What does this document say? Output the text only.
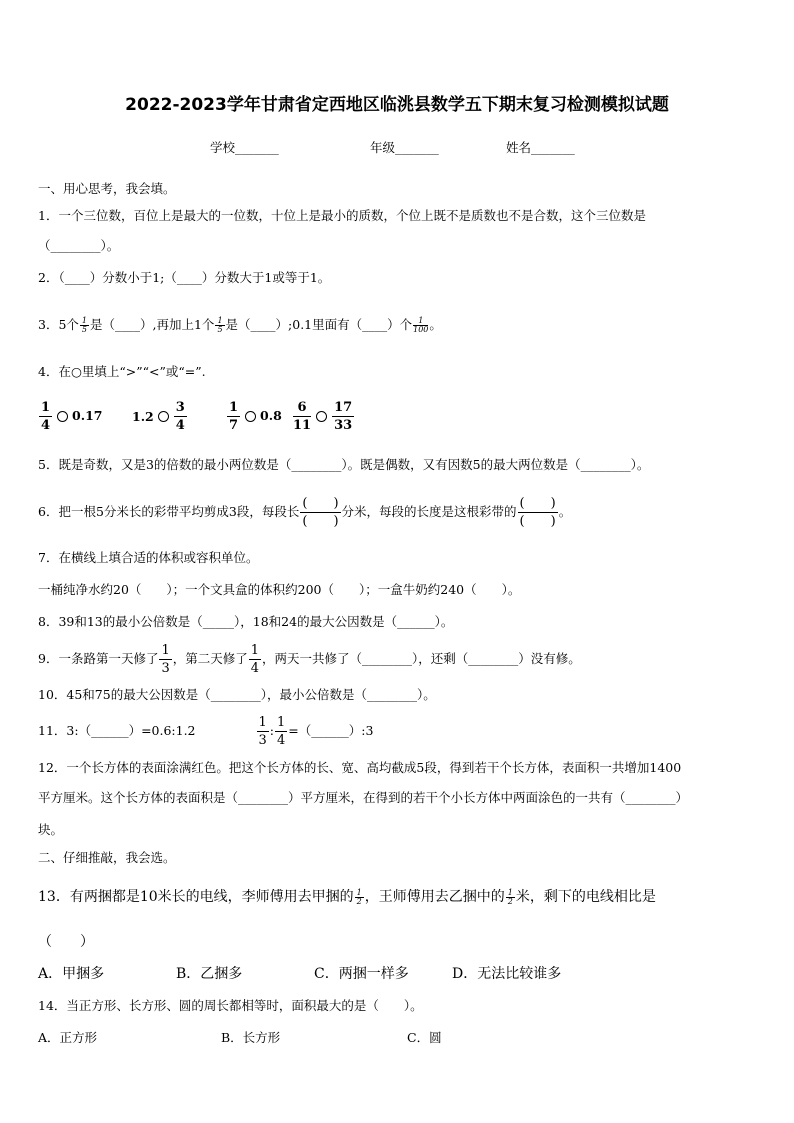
2022-2023学年甘肃省定西地区临洮县数学五下期末复习检测模拟试题
学校_______	年级_______	姓名_______
一、用心思考，我会填。
1．一个三位数，百位上是最大的一位数，十位上是最小的质数，个位上既不是质数也不是合数，这个三位数是
（________）。
2．（____）分数小于1;（____）分数大于1或等于1。
3．5个 $\frac{1}{5}$ 是（____）,再加上1个 $\frac{1}{5}$ 是（____）;0.1里面有（____）个 $\frac{1}{100}$ 。
4．在○里填上“>”“<”或“=”.
$\frac{1}{4} 0.17$ $1.2 \frac{3}{4}$	$\frac{1}{7} 0.8 \frac{6}{11} \frac{17}{33}$
5．既是奇数，又是3的倍数的最小两位数是（________）。既是偶数，又有因数5的最大两位数是（________）。
6．把一根5分米长的彩带平均剪成3段，每段长 $\frac{( )}{( )}$ 分米，每段的长度是这根彩带的 $\frac{( )}{( )}$ 。
7．在横线上填合适的体积或容积单位。
一桶纯净水约20（　　）；一个文具盒的体积约200（　　）；一盒牛奶约240（　　）。
8．39和13的最小公倍数是（_____），18和24的最大公因数是（______）。
9．一条路第一天修了 $\frac{1}{3}$ ，第二天修了 $\frac{1}{4}$ ，两天一共修了（________），还剩（________）没有修。
10．45和75的最大公因数是（________），最小公倍数是（________）。
11．3:（______）=0.6:1.2	$\frac{1}{3}$ : $\frac{1}{4}$ =（______）:3
12．一个长方体的表面涂满红色。把这个长方体的长、宽、高均截成5段，得到若干个长方体，表面积一共增加1400
平方厘米。这个长方体的表面积是（________）平方厘米，在得到的若干个小长方体中两面涂色的一共有（________）
块。
二、仔细推敲，我会选。
13．有两捆都是10米长的电线，李师傅用去甲捆的 $\frac{1}{2}$ ，王师傅用去乙捆中的 $\frac{1}{2}$ 米，剩下的电线相比是
（　　）
A．甲捆多	B．乙捆多	C．两捆一样多	D．无法比较谁多
14．当正方形、长方形、圆的周长都相等时，面积最大的是（　　）。
A．正方形	B．长方形	C．圆
